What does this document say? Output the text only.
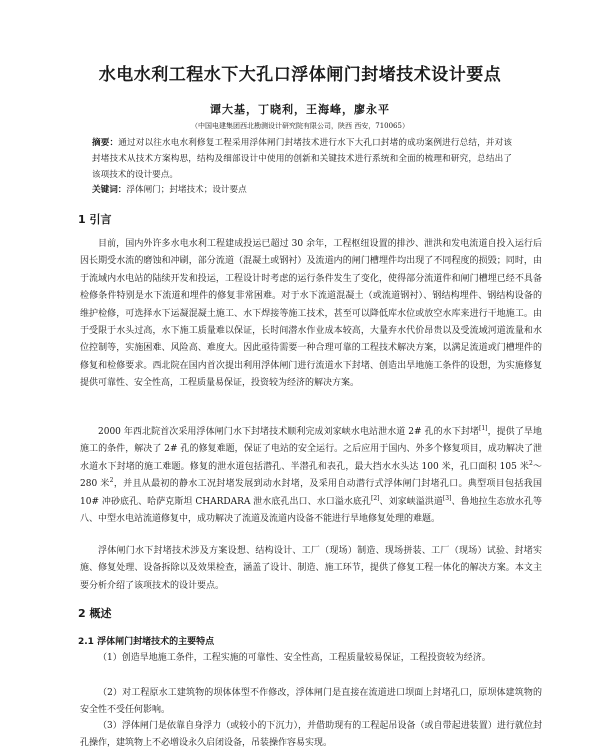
水电水利工程水下大孔口浮体闸门封堵技术设计要点
谭大基，丁晓利，王海峰，廖永平
（中国电建集团西北勘测设计研究院有限公司，陕西 西安，710065）
摘要：通过对以往水电水利修复工程采用浮体闸门封堵技术进行水下大孔口封堵的成功案例进行总结，并对该封堵技术从技术方案构思，结构及细部设计中使用的创新和关键技术进行系统和全面的梳理和研究，总结出了该项技术的设计要点。
关键词：浮体闸门；封堵技术；设计要点
1 引言

目前，国内外许多水电水利工程建成投运已超过 30 余年，工程枢纽设置的排沙、泄洪和发电流道自投入运行后因长期受水流的磨蚀和冲刷，部分流道（混凝土或钢衬）及流道内的闸门槽埋件均出现了不同程度的损毁；同时，由于流域内水电站的陆续开发和投运，工程设计时考虑的运行条件发生了变化，使得部分流道件和闸门槽埋已经不具备检修条件特别是水下流道和埋件的修复非常困难。对于水下流道混凝土（或流道钢衬）、钢结构埋件、钢结构设备的维护检修，可选择水下运凝混凝土施工、水下焊接等施工技术，甚至可以降低库水位或放空水库来进行干地施工。由于受限于水头过高，水下施工质量难以保证，长时间潜水作业成本较高，大量弃水代价昂贵以及受流域河道流量和水位控制等，实施困难、风险高、难度大。因此亟待需要一种合理可靠的工程技术解决方案，以满足流道或门槽埋件的修复和检修要求。西北院在国内首次提出利用浮体闸门进行流道水下封堵、创造出旱地施工条件的设想，为实施修复提供可靠性、安全性高，工程质量易保证，投资较为经济的解决方案。

2000 年西北院首次采用浮体闸门水下封堵技术顺利完成刘家峡水电站泄水道 2# 孔的水下封堵[1]，提供了旱地施工的条件，解决了 2# 孔的修复难题，保证了电站的安全运行。之后应用于国内、外多个修复项目，成功解决了泄水道水下封堵的施工难题。修复的泄水道包括潜孔、半潜孔和表孔，最大挡水水头达 100 米，孔口面积 105 米$^2$～280 米$^2$，并且从最初的静水工况封堵发展到动水封堵，及采用自动潜行式浮体闸门封堵孔口。典型项目包括我国 10# 冲砂底孔、哈萨克斯坦 CHARDARA 泄水底孔出口、水口溢水底孔[2]、刘家峡溢洪道[3]、鲁地拉生态放水孔等八、中型水电站流道修复中，成功解决了流道及流道内设备不能进行旱地修复处理的难题。

浮体闸门水下封堵技术涉及方案设想、结构设计、工厂（现场）制造、现场拼装、工厂（现场）试验、封堵实施、修复处理、设备拆除以及效果检查，涵盖了设计、制造、施工环节，提供了修复工程一体化的解决方案。本文主要分析介绍了该项技术的设计要点。

2 概述
2.1 浮体闸门封堵技术的主要特点

（1）创造旱地施工条件，工程实施的可靠性、安全性高，工程质量较易保证，工程投资较为经济。

（2）对工程原水工建筑物的坝体体型不作修改，浮体闸门是直接在流道进口坝面上封堵孔口，原坝体建筑物的安全性不受任何影响。

（3）浮体闸门是依靠自身浮力（或较小的下沉力），并借助现有的工程起吊设备（或自带起进装置）进行就位封孔操作，建筑物上不必增设永久启闭设备，吊装操作容易实现。
